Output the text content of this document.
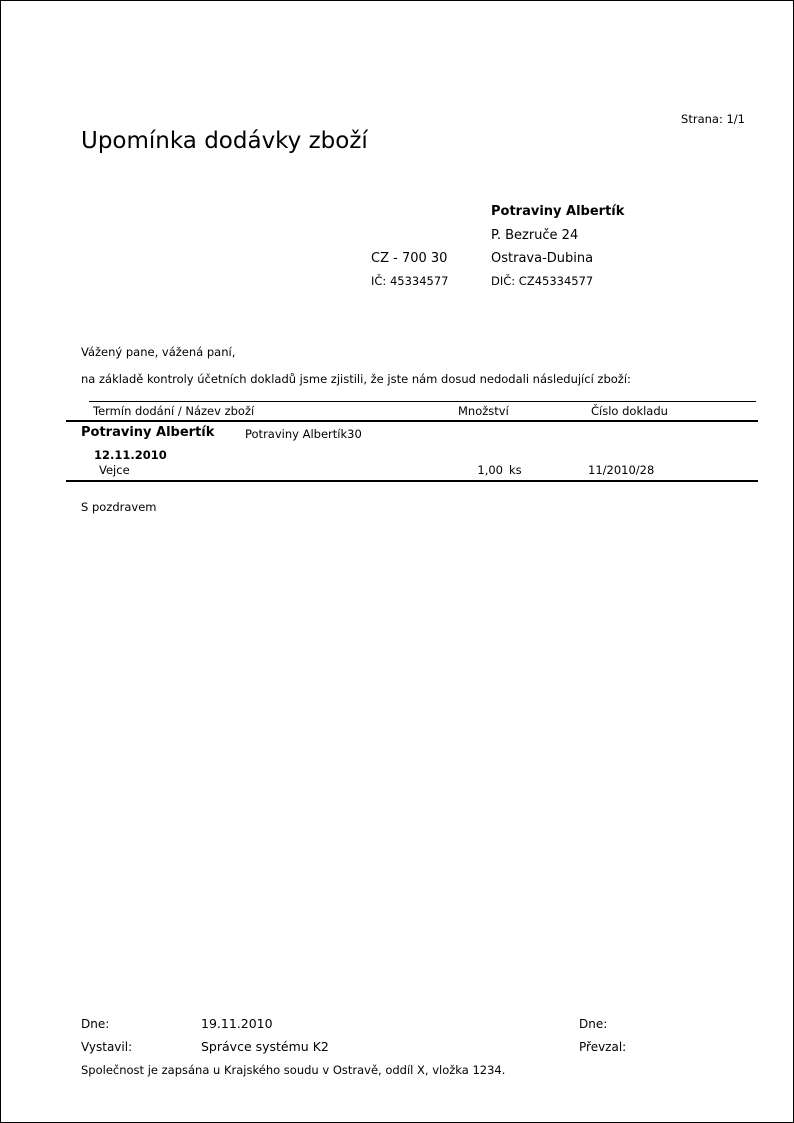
Strana: 1/1
Upomínka dodávky zboží
Potraviny Albertík
P. Bezruče 24
CZ - 700 30	Ostrava-Dubina
IČ: 45334577	DIČ: CZ45334577
Vážený pane, vážená paní,
na základě kontroly účetních dokladů jsme zjistili, že jste nám dosud nedodali následující zboží:
Termín dodání / Název zboží	Množství	Číslo dokladu
Potraviny Albertík	Potraviny Albertík30
12.11.2010
Vejce	1,00 ks	11/2010/28
S pozdravem
Dne:	19.11.2010	Dne:
Vystavil:	Správce systému K2	Převzal:
Společnost je zapsána u Krajského soudu v Ostravě, oddíl X, vložka 1234.
